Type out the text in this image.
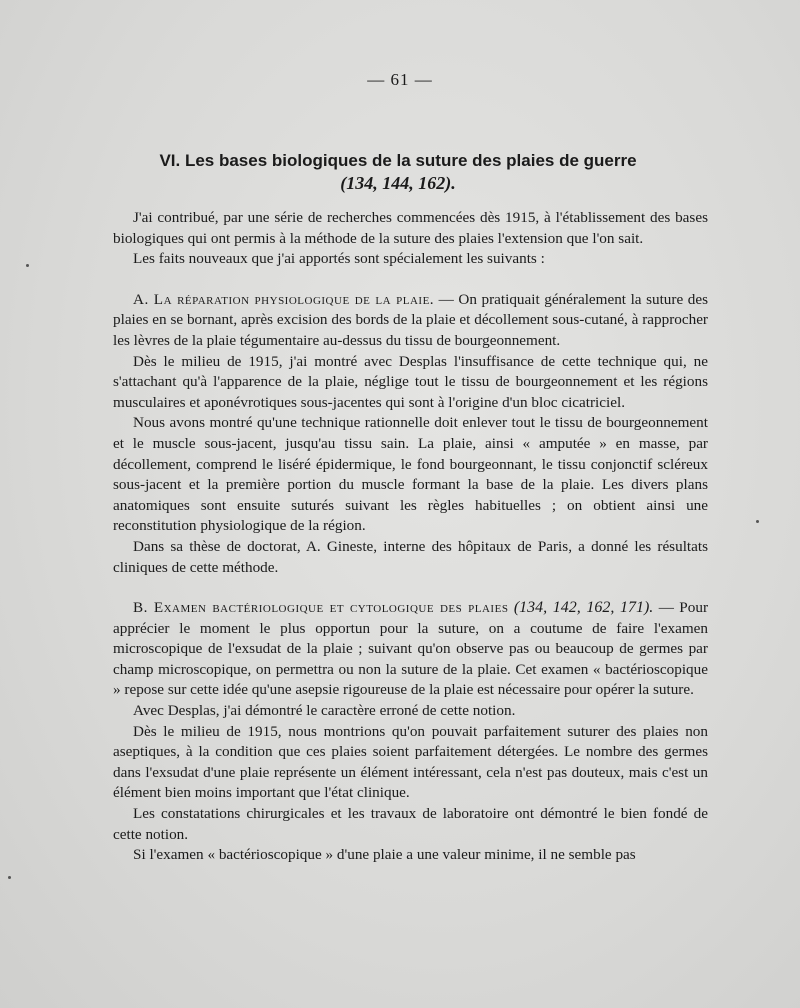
— 61 —
VI. Les bases biologiques de la suture des plaies de guerre
(134, 144, 162).

J'ai contribué, par une série de recherches commencées dès 1915, à l'établissement des bases biologiques qui ont permis à la méthode de la suture des plaies l'extension que l'on sait.

Les faits nouveaux que j'ai apportés sont spécialement les suivants :

A. La réparation physiologique de la plaie. — On pratiquait généralement la suture des plaies en se bornant, après excision des bords de la plaie et décollement sous-cutané, à rapprocher les lèvres de la plaie tégumentaire au-dessus du tissu de bourgeonnement.

Dès le milieu de 1915, j'ai montré avec Desplas l'insuffisance de cette technique qui, ne s'attachant qu'à l'apparence de la plaie, néglige tout le tissu de bourgeonnement et les régions musculaires et aponévrotiques sous-jacentes qui sont à l'origine d'un bloc cicatriciel.

Nous avons montré qu'une technique rationnelle doit enlever tout le tissu de bourgeonnement et le muscle sous-jacent, jusqu'au tissu sain. La plaie, ainsi « amputée » en masse, par décollement, comprend le liséré épidermique, le fond bourgeonnant, le tissu conjonctif scléreux sous-jacent et la première portion du muscle formant la base de la plaie. Les divers plans anatomiques sont ensuite suturés suivant les règles habituelles ; on obtient ainsi une reconstitution physiologique de la région.

Dans sa thèse de doctorat, A. Gineste, interne des hôpitaux de Paris, a donné les résultats cliniques de cette méthode.

B. Examen bactériologique et cytologique des plaies (134, 142, 162, 171). — Pour apprécier le moment le plus opportun pour la suture, on a coutume de faire l'examen microscopique de l'exsudat de la plaie ; suivant qu'on observe pas ou beaucoup de germes par champ microscopique, on permettra ou non la suture de la plaie. Cet examen « bactérioscopique » repose sur cette idée qu'une asepsie rigoureuse de la plaie est nécessaire pour opérer la suture.

Avec Desplas, j'ai démontré le caractère erroné de cette notion.

Dès le milieu de 1915, nous montrions qu'on pouvait parfaitement suturer des plaies non aseptiques, à la condition que ces plaies soient parfaitement détergées. Le nombre des germes dans l'exsudat d'une plaie représente un élément intéressant, cela n'est pas douteux, mais c'est un élément bien moins important que l'état clinique.

Les constatations chirurgicales et les travaux de laboratoire ont démontré le bien fondé de cette notion.

Si l'examen « bactérioscopique » d'une plaie a une valeur minime, il ne semble pas
